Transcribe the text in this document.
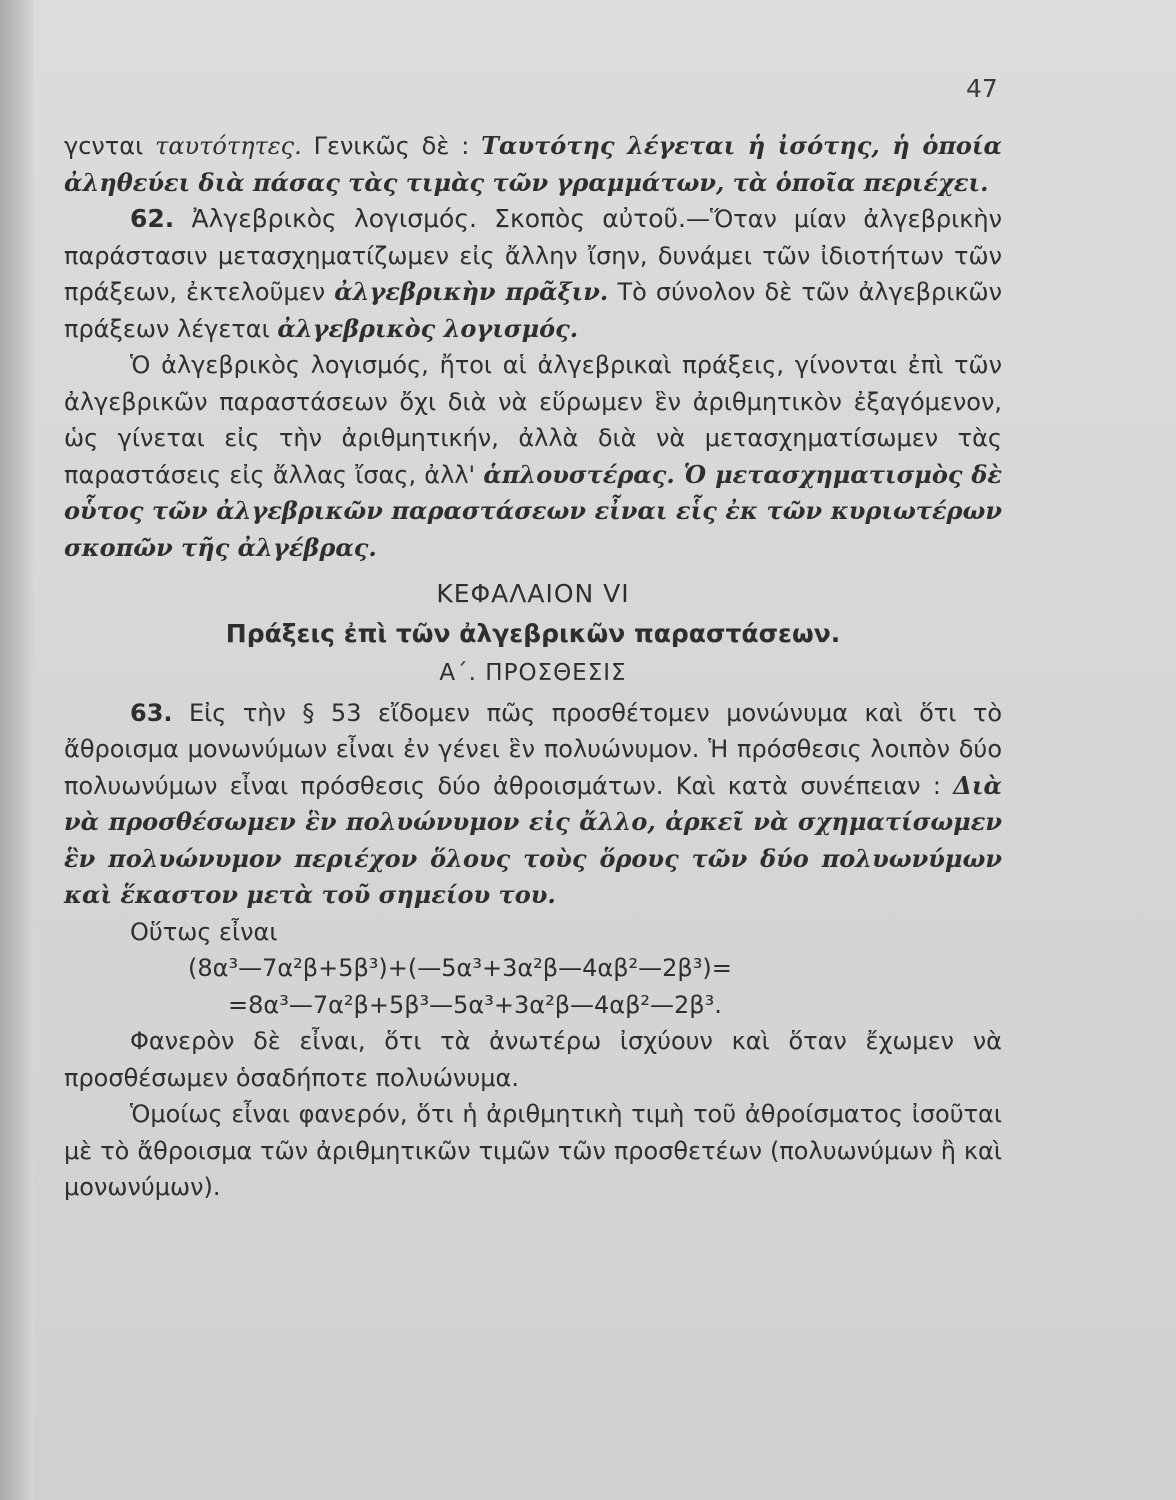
47

γcνται ταυτότητες. Γενικῶς δὲ : Ταυτότης λέγεται ἡ ἰσότης, ἡ ὁποία ἀληθεύει διὰ πάσας τὰς τιμὰς τῶν γραμμάτων, τὰ ὁποῖα περιέχει.

62. Ἀλγεβρικὸς λογισμός. Σκοπὸς αὐτοῦ.—Ὅταν μίαν ἀλγεβρικὴν παράστασιν μετασχηματίζωμεν εἰς ἄλλην ἴσην, δυνάμει τῶν ἰδιοτήτων τῶν πράξεων, ἐκτελοῦμεν ἀλγεβρικὴν πρᾶξιν. Τὸ σύνολον δὲ τῶν ἀλγεβρικῶν πράξεων λέγεται ἀλγεβρικὸς λογισμός.

Ὁ ἀλγεβρικὸς λογισμός, ἤτοι αἱ ἀλγεβρικαὶ πράξεις, γίνονται ἐπὶ τῶν ἀλγεβρικῶν παραστάσεων ὄχι διὰ νὰ εὕρωμεν ἓν ἀριθμητικὸν ἐξαγόμενον, ὡς γίνεται εἰς τὴν ἀριθμητικήν, ἀλλὰ διὰ νὰ μετασχηματίσωμεν τὰς παραστάσεις εἰς ἄλλας ἴσας, ἀλλ' ἁπλουστέρας. Ὁ μετασχηματισμὸς δὲ οὗτος τῶν ἀλγεβρικῶν παραστάσεων εἶναι εἷς ἐκ τῶν κυριωτέρων σκοπῶν τῆς ἀλγέβρας.

ΚΕΦΑΛΑΙΟΝ VI

Πράξεις ἐπὶ τῶν ἀλγεβρικῶν παραστάσεων.

Α΄. ΠΡΟΣΘΕΣΙΣ

63. Εἰς τὴν § 53 εἴδομεν πῶς προσθέτομεν μονώνυμα καὶ ὅτι τὸ ἄθροισμα μονωνύμων εἶναι ἐν γένει ἓν πολυώνυμον. Ἡ πρόσθεσις λοιπὸν δύο πολυωνύμων εἶναι πρόσθεσις δύο ἀθροισμάτων. Καὶ κατὰ συνέπειαν : Διὰ νὰ προσθέσωμεν ἓν πολυώνυμον εἰς ἄλλο, ἀρκεῖ νὰ σχηματίσωμεν ἓν πολυώνυμον περιέχον ὅλους τοὺς ὅρους τῶν δύο πολυωνύμων καὶ ἕκαστον μετὰ τοῦ σημείου του.

Οὕτως εἶναι

(8α³—7α²β+5β³)+(—5α³+3α²β—4αβ²—2β³)=

=8α³—7α²β+5β³—5α³+3α²β—4αβ²—2β³.

Φανερὸν δὲ εἶναι, ὅτι τὰ ἀνωτέρω ἰσχύουν καὶ ὅταν ἔχωμεν νὰ προσθέσωμεν ὁσαδήποτε πολυώνυμα.

Ὁμοίως εἶναι φανερόν, ὅτι ἡ ἀριθμητικὴ τιμὴ τοῦ ἀθροίσματος ἰσοῦται μὲ τὸ ἄθροισμα τῶν ἀριθμητικῶν τιμῶν τῶν προσθετέων (πολυωνύμων ἢ καὶ μονωνύμων).
